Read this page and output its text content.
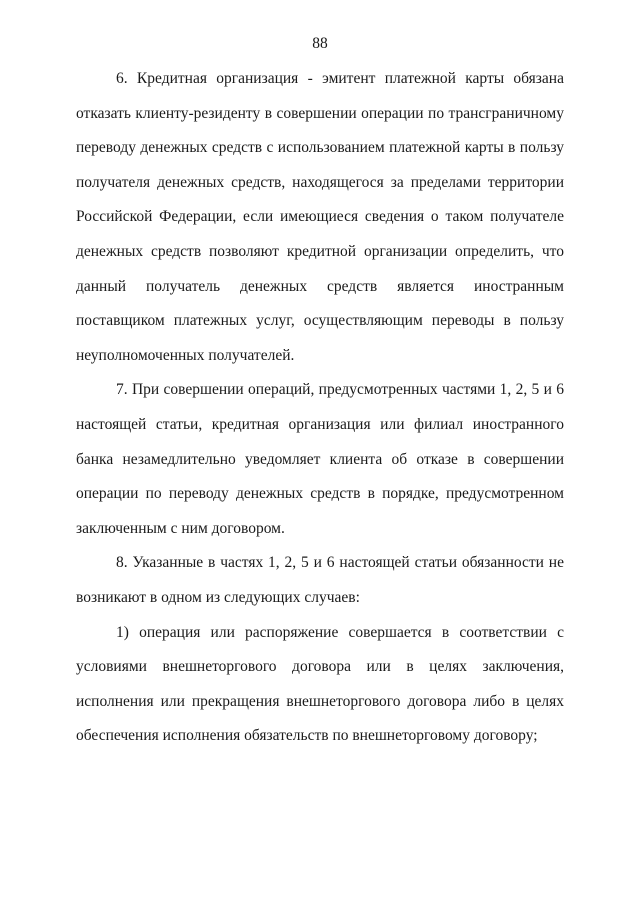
88

6. Кредитная организация - эмитент платежной карты обязана отказать клиенту-резиденту в совершении операции по трансграничному переводу денежных средств с использованием платежной карты в пользу получателя денежных средств, находящегося за пределами территории Российской Федерации, если имеющиеся сведения о таком получателе денежных средств позволяют кредитной организации определить, что данный получатель денежных средств является иностранным поставщиком платежных услуг, осуществляющим переводы в пользу неуполномоченных получателей.

7. При совершении операций, предусмотренных частями 1, 2, 5 и 6 настоящей статьи, кредитная организация или филиал иностранного банка незамедлительно уведомляет клиента об отказе в совершении операции по переводу денежных средств в порядке, предусмотренном заключенным с ним договором.

8. Указанные в частях 1, 2, 5 и 6 настоящей статьи обязанности не возникают в одном из следующих случаев:

1) операция или распоряжение совершается в соответствии с условиями внешнеторгового договора или в целях заключения, исполнения или прекращения внешнеторгового договора либо в целях обеспечения исполнения обязательств по внешнеторговому договору;
